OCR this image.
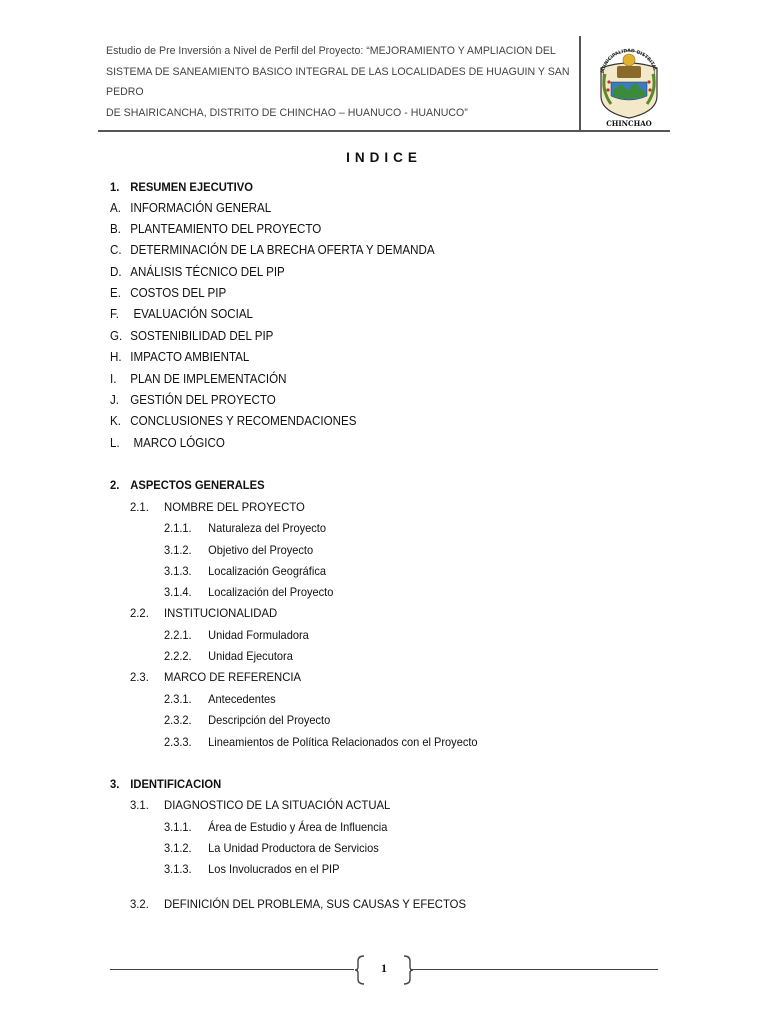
Estudio de Pre Inversión a Nivel de Perfil del Proyecto: “MEJORAMIENTO Y AMPLIACION DEL
SISTEMA DE SANEAMIENTO BASICO INTEGRAL DE LAS LOCALIDADES DE HUAGUIN Y SAN PEDRO
DE SHAIRICANCHA, DISTRITO DE CHINCHAO – HUANUCO - HUANUCO”
MUNICIPALIDAD DISTRITAL
CHINCHAO
INDICE
1. RESUMEN EJECUTIVO
A. INFORMACIÓN GENERAL
B. PLANTEAMIENTO DEL PROYECTO
C. DETERMINACIÓN DE LA BRECHA OFERTA Y DEMANDA
D. ANÁLISIS TÉCNICO DEL PIP
E. COSTOS DEL PIP
F. EVALUACIÓN SOCIAL
G. SOSTENIBILIDAD DEL PIP
H. IMPACTO AMBIENTAL
I. PLAN DE IMPLEMENTACIÓN
J. GESTIÓN DEL PROYECTO
K. CONCLUSIONES Y RECOMENDACIONES
L. MARCO LÓGICO
2. ASPECTOS GENERALES
2.1. NOMBRE DEL PROYECTO
2.1.1. Naturaleza del Proyecto
3.1.2. Objetivo del Proyecto
3.1.3. Localización Geográfica
3.1.4. Localización del Proyecto
2.2. INSTITUCIONALIDAD
2.2.1. Unidad Formuladora
2.2.2. Unidad Ejecutora
2.3. MARCO DE REFERENCIA
2.3.1. Antecedentes
2.3.2. Descripción del Proyecto
2.3.3. Lineamientos de Política Relacionados con el Proyecto
3. IDENTIFICACION
3.1. DIAGNOSTICO DE LA SITUACIÓN ACTUAL
3.1.1. Área de Estudio y Área de Influencia
3.1.2. La Unidad Productora de Servicios
3.1.3. Los Involucrados en el PIP
3.2. DEFINICIÓN DEL PROBLEMA, SUS CAUSAS Y EFECTOS
1
